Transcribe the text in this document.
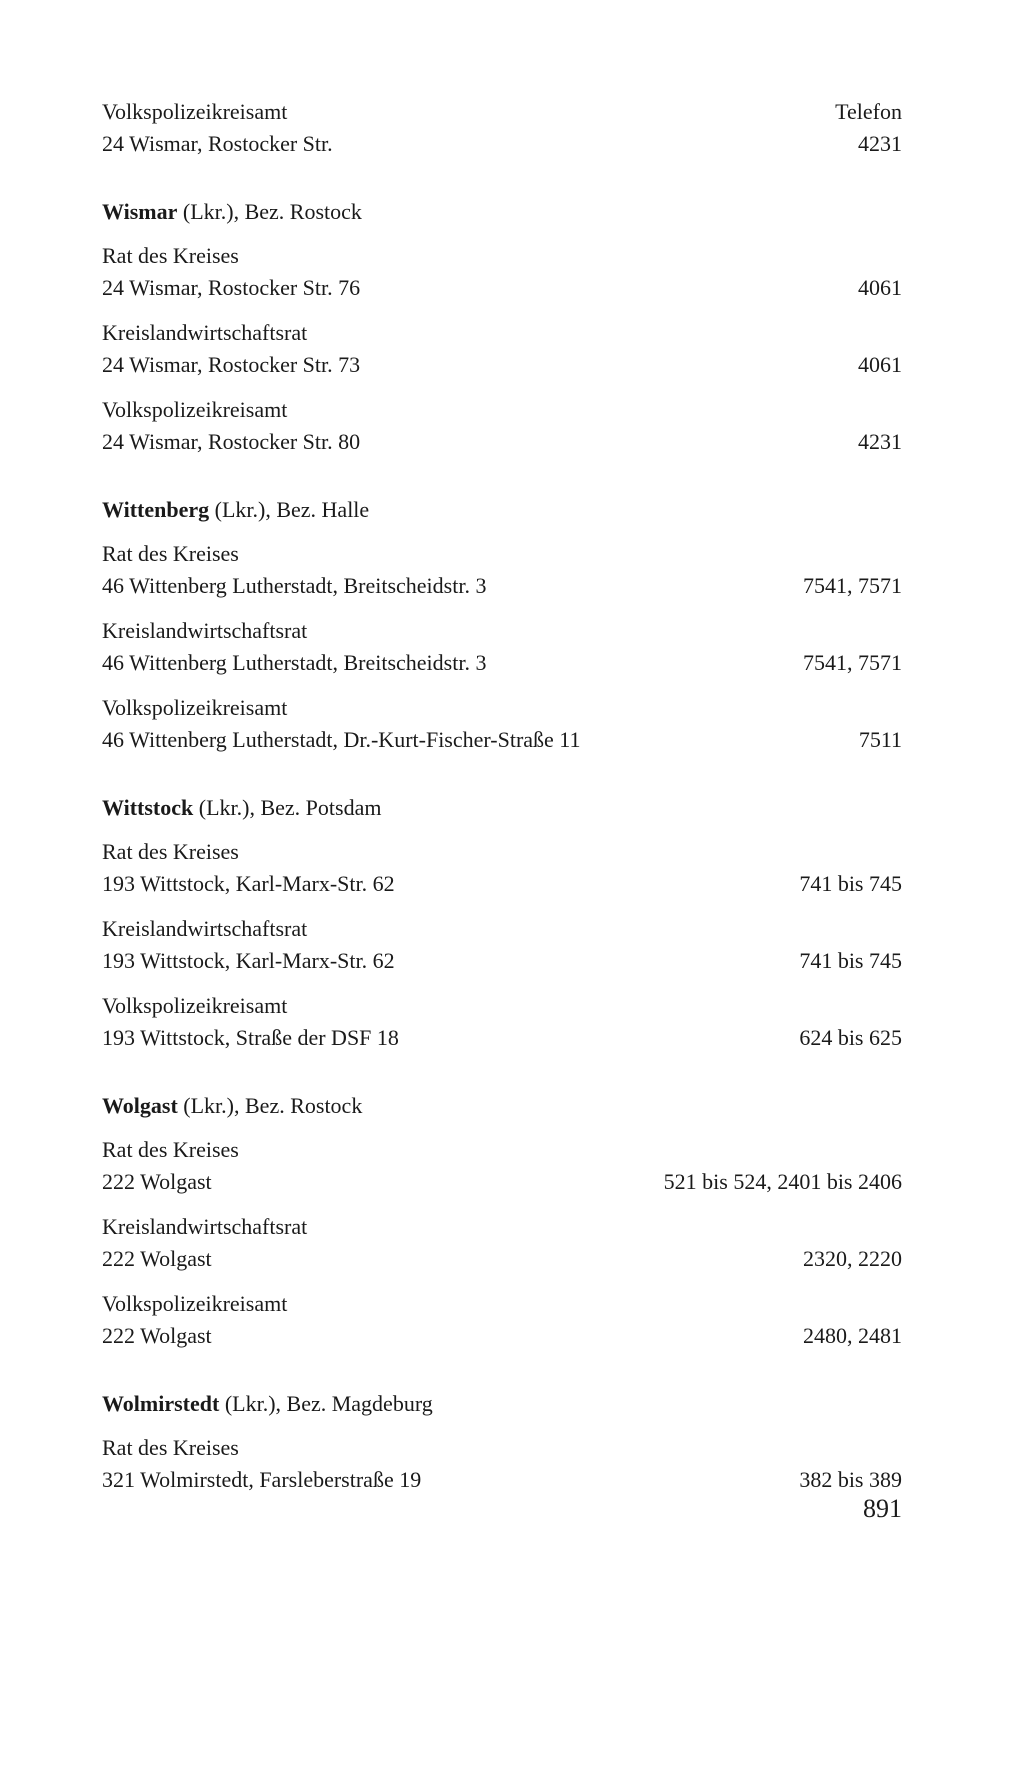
Volkspolizeikreisamt	Telefon
24 Wismar, Rostocker Str.	4231
Wismar (Lkr.), Bez. Rostock
Rat des Kreises
24 Wismar, Rostocker Str. 76	4061
Kreislandwirtschaftsrat
24 Wismar, Rostocker Str. 73	4061
Volkspolizeikreisamt
24 Wismar, Rostocker Str. 80	4231
Wittenberg (Lkr.), Bez. Halle
Rat des Kreises
46 Wittenberg Lutherstadt, Breitscheidstr. 3	7541, 7571
Kreislandwirtschaftsrat
46 Wittenberg Lutherstadt, Breitscheidstr. 3	7541, 7571
Volkspolizeikreisamt
46 Wittenberg Lutherstadt, Dr.-Kurt-Fischer-Straße 11	7511
Wittstock (Lkr.), Bez. Potsdam
Rat des Kreises
193 Wittstock, Karl-Marx-Str. 62	741 bis 745
Kreislandwirtschaftsrat
193 Wittstock, Karl-Marx-Str. 62	741 bis 745
Volkspolizeikreisamt
193 Wittstock, Straße der DSF 18	624 bis 625
Wolgast (Lkr.), Bez. Rostock
Rat des Kreises
222 Wolgast	521 bis 524, 2401 bis 2406
Kreislandwirtschaftsrat
222 Wolgast	2320, 2220
Volkspolizeikreisamt
222 Wolgast	2480, 2481
Wolmirstedt (Lkr.), Bez. Magdeburg
Rat des Kreises
321 Wolmirstedt, Farsleberstraße 19	382 bis 389
891
